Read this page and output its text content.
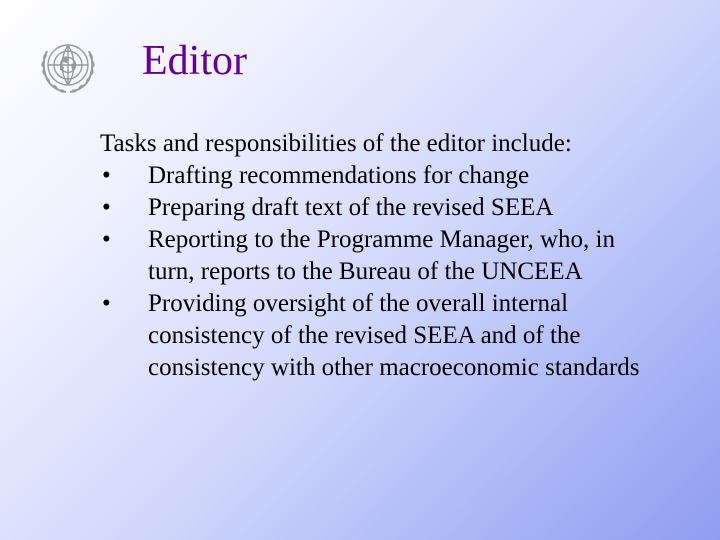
Editor
Tasks and responsibilities of the editor include:
• Drafting recommendations for change
• Preparing draft text of the revised SEEA
• Reporting to the Programme Manager, who, in
turn, reports to the Bureau of the UNCEEA
• Providing oversight of the overall internal
consistency of the revised SEEA and of the
consistency with other macroeconomic standards
